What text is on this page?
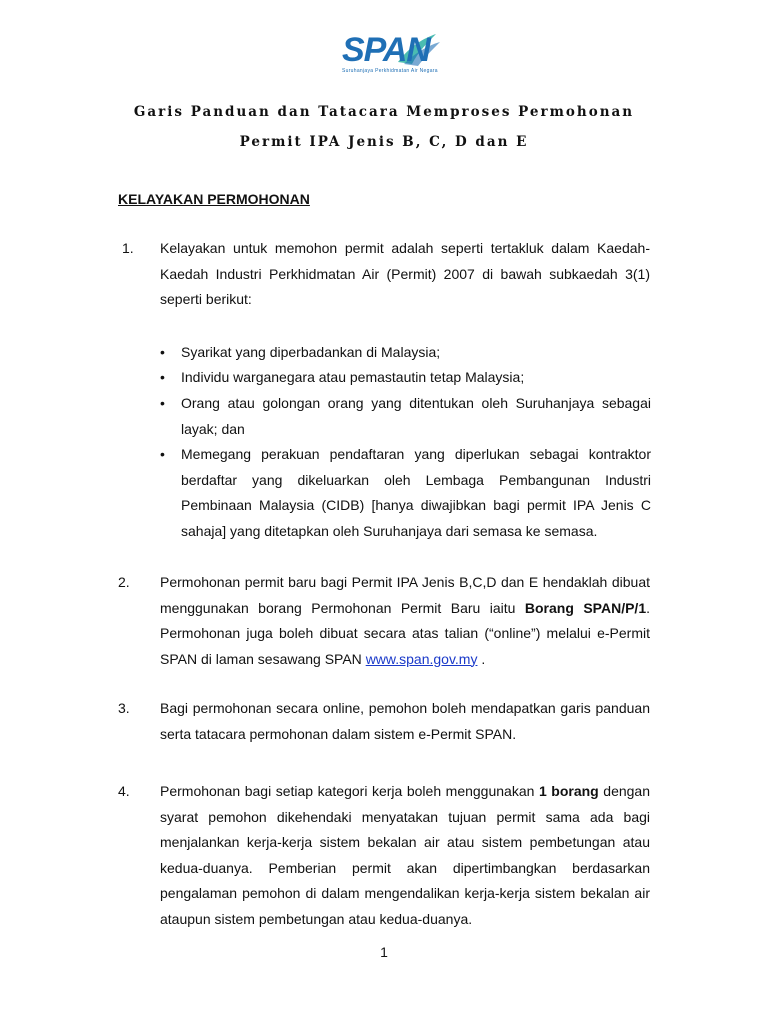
SPAN
Suruhanjaya Perkhidmatan Air Negara
Garis Panduan dan Tatacara Memproses Permohonan
Permit IPA Jenis B, C, D dan E
KELAYAKAN PERMOHONAN
1.	Kelayakan untuk memohon permit adalah seperti tertakluk dalam Kaedah-Kaedah Industri Perkhidmatan Air (Permit) 2007 di bawah subkaedah 3(1) seperti berikut:
• Syarikat yang diperbadankan di Malaysia;
• Individu warganegara atau pemastautin tetap Malaysia;
• Orang atau golongan orang yang ditentukan oleh Suruhanjaya sebagai layak; dan
• Memegang perakuan pendaftaran yang diperlukan sebagai kontraktor berdaftar yang dikeluarkan oleh Lembaga Pembangunan Industri Pembinaan Malaysia (CIDB) [hanya diwajibkan bagi permit IPA Jenis C sahaja] yang ditetapkan oleh Suruhanjaya dari semasa ke semasa.
2.	Permohonan permit baru bagi Permit IPA Jenis B,C,D dan E hendaklah dibuat menggunakan borang Permohonan Permit Baru iaitu Borang SPAN/P/1. Permohonan juga boleh dibuat secara atas talian (“online”) melalui e-Permit SPAN di laman sesawang SPAN www.span.gov.my .
3.	Bagi permohonan secara online, pemohon boleh mendapatkan garis panduan serta tatacara permohonan dalam sistem e-Permit SPAN.
4.	Permohonan bagi setiap kategori kerja boleh menggunakan 1 borang dengan syarat pemohon dikehendaki menyatakan tujuan permit sama ada bagi menjalankan kerja-kerja sistem bekalan air atau sistem pembetungan atau kedua-duanya. Pemberian permit akan dipertimbangkan berdasarkan pengalaman pemohon di dalam mengendalikan kerja-kerja sistem bekalan air ataupun sistem pembetungan atau kedua-duanya.
1
